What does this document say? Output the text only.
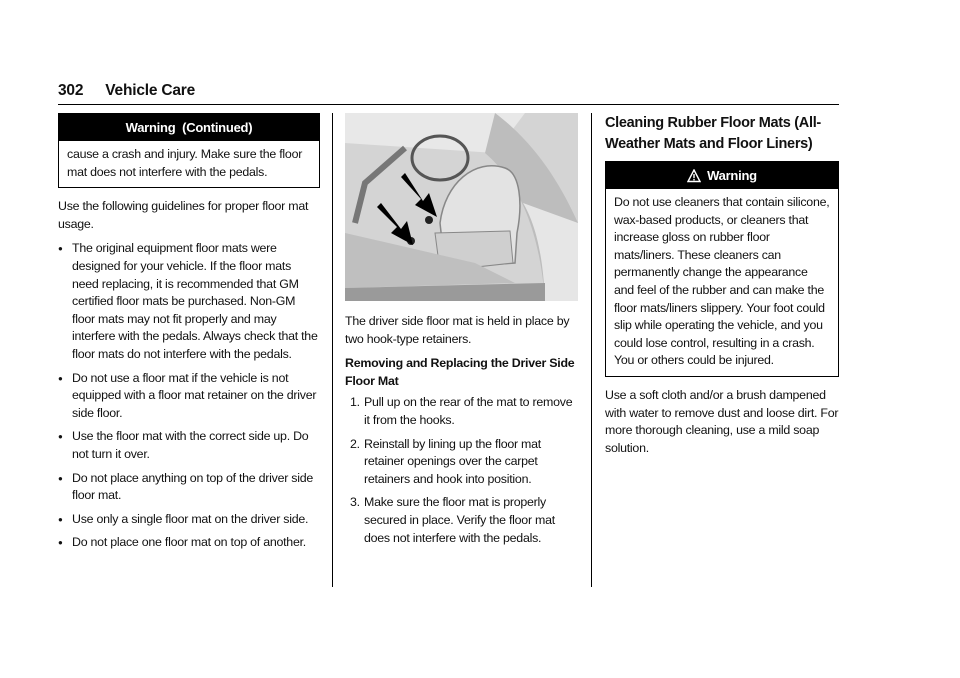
302 Vehicle Care
Warning  (Continued)
cause a crash and injury. Make sure the floor mat does not interfere with the pedals.

Use the following guidelines for proper floor mat usage.

● The original equipment floor mats were designed for your vehicle. If the floor mats need replacing, it is recommended that GM certified floor mats be purchased. Non-GM floor mats may not fit properly and may interfere with the pedals. Always check that the floor mats do not interfere with the pedals.
● Do not use a floor mat if the vehicle is not equipped with a floor mat retainer on the driver side floor.
● Use the floor mat with the correct side up. Do not turn it over.
● Do not place anything on top of the driver side floor mat.
● Use only a single floor mat on the driver side.
● Do not place one floor mat on top of another.

The driver side floor mat is held in place by two hook-type retainers.

Removing and Replacing the Driver Side Floor Mat
1. Pull up on the rear of the mat to remove it from the hooks.
2. Reinstall by lining up the floor mat retainer openings over the carpet retainers and hook into position.
3. Make sure the floor mat is properly secured in place. Verify the floor mat does not interfere with the pedals.
Cleaning Rubber Floor Mats (All-Weather Mats and Floor Liners)
Warning
Do not use cleaners that contain silicone, wax-based products, or cleaners that increase gloss on rubber floor mats/liners. These cleaners can permanently change the appearance and feel of the rubber and can make the floor mats/liners slippery. Your foot could slip while operating the vehicle, and you could lose control, resulting in a crash. You or others could be injured.

Use a soft cloth and/or a brush dampened with water to remove dust and loose dirt. For more thorough cleaning, use a mild soap solution.
